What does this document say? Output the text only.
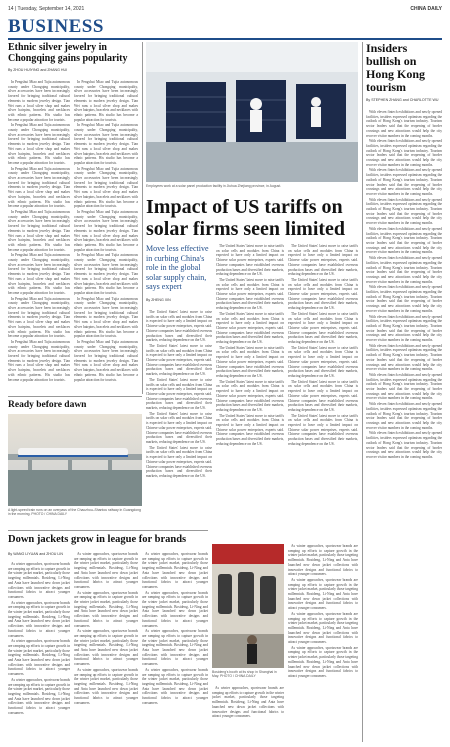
14 | Tuesday, September 14, 2021	CHINA DAILY
BUSINESS
Ethnic silver jewelry in Chongqing gains popularity
By ZHOU HUIYING and ZHANG HUI

In Pengshui Miao and Tujia autonomous county under Chongqing municipality, silver accessories have been increasingly favored for bringing traditional cultural elements to modern jewelry design. Tian Wei runs a local silver shop and makes silver hairpins, bracelets and necklaces with ethnic patterns. His studio has become a popular attraction for tourists.

In Pengshui Miao and Tujia autonomous county under Chongqing municipality, silver accessories have been increasingly favored for bringing traditional cultural elements to modern jewelry design. Tian Wei runs a local silver shop and makes silver hairpins, bracelets and necklaces with ethnic patterns. His studio has become a popular attraction for tourists.

In Pengshui Miao and Tujia autonomous county under Chongqing municipality, silver accessories have been increasingly favored for bringing traditional cultural elements to modern jewelry design. Tian Wei runs a local silver shop and makes silver hairpins, bracelets and necklaces with ethnic patterns. His studio has become a popular attraction for tourists.

In Pengshui Miao and Tujia autonomous county under Chongqing municipality, silver accessories have been increasingly favored for bringing traditional cultural elements to modern jewelry design. Tian Wei runs a local silver shop and makes silver hairpins, bracelets and necklaces with ethnic patterns. His studio has become a popular attraction for tourists.

In Pengshui Miao and Tujia autonomous county under Chongqing municipality, silver accessories have been increasingly favored for bringing traditional cultural elements to modern jewelry design. Tian Wei runs a local silver shop and makes silver hairpins, bracelets and necklaces with ethnic patterns. His studio has become a popular attraction for tourists.

In Pengshui Miao and Tujia autonomous county under Chongqing municipality, silver accessories have been increasingly favored for bringing traditional cultural elements to modern jewelry design. Tian Wei runs a local silver shop and makes silver hairpins, bracelets and necklaces with ethnic patterns. His studio has become a popular attraction for tourists.

In Pengshui Miao and Tujia autonomous county under Chongqing municipality, silver accessories have been increasingly favored for bringing traditional cultural elements to modern jewelry design. Tian Wei runs a local silver shop and makes silver hairpins, bracelets and necklaces with ethnic patterns. His studio has become a popular attraction for tourists.

In Pengshui Miao and Tujia autonomous county under Chongqing municipality, silver accessories have been increasingly favored for bringing traditional cultural elements to modern jewelry design. Tian Wei runs a local silver shop and makes silver hairpins, bracelets and necklaces with ethnic patterns. His studio has become a popular attraction for tourists.

In Pengshui Miao and Tujia autonomous county under Chongqing municipality, silver accessories have been increasingly favored for bringing traditional cultural elements to modern jewelry design. Tian Wei runs a local silver shop and makes silver hairpins, bracelets and necklaces with ethnic patterns. His studio has become a popular attraction for tourists.

In Pengshui Miao and Tujia autonomous county under Chongqing municipality, silver accessories have been increasingly favored for bringing traditional cultural elements to modern jewelry design. Tian Wei runs a local silver shop and makes silver hairpins, bracelets and necklaces with ethnic patterns. His studio has become a popular attraction for tourists.

In Pengshui Miao and Tujia autonomous county under Chongqing municipality, silver accessories have been increasingly favored for bringing traditional cultural elements to modern jewelry design. Tian Wei runs a local silver shop and makes silver hairpins, bracelets and necklaces with ethnic patterns. His studio has become a popular attraction for tourists.

In Pengshui Miao and Tujia autonomous county under Chongqing municipality, silver accessories have been increasingly favored for bringing traditional cultural elements to modern jewelry design. Tian Wei runs a local silver shop and makes silver hairpins, bracelets and necklaces with ethnic patterns. His studio has become a popular attraction for tourists.

In Pengshui Miao and Tujia autonomous county under Chongqing municipality, silver accessories have been increasingly favored for bringing traditional cultural elements to modern jewelry design. Tian Wei runs a local silver shop and makes silver hairpins, bracelets and necklaces with ethnic patterns. His studio has become a popular attraction for tourists.

In Pengshui Miao and Tujia autonomous county under Chongqing municipality, silver accessories have been increasingly favored for bringing traditional cultural elements to modern jewelry design. Tian Wei runs a local silver shop and makes silver hairpins, bracelets and necklaces with ethnic patterns. His studio has become a popular attraction for tourists.

Ready before dawn
A light-speed train runs on an overpass of the Chaozhou–Shantou railway in Guangdong in the morning. PHOTO / CHINA DAILY
Down jackets grow in league for brands
By WANG LIYUAN and ZHOU LIN

As winter approaches, sportswear brands are ramping up efforts to capture growth in the winter jacket market, particularly those targeting millennials. Bosideng, Li-Ning and Anta have launched new down jacket collections with innovative designs and functional fabrics to attract younger consumers.

As winter approaches, sportswear brands are ramping up efforts to capture growth in the winter jacket market, particularly those targeting millennials. Bosideng, Li-Ning and Anta have launched new down jacket collections with innovative designs and functional fabrics to attract younger consumers.

As winter approaches, sportswear brands are ramping up efforts to capture growth in the winter jacket market, particularly those targeting millennials. Bosideng, Li-Ning and Anta have launched new down jacket collections with innovative designs and functional fabrics to attract younger consumers.

As winter approaches, sportswear brands are ramping up efforts to capture growth in the winter jacket market, particularly those targeting millennials. Bosideng, Li-Ning and Anta have launched new down jacket collections with innovative designs and functional fabrics to attract younger consumers.

As winter approaches, sportswear brands are ramping up efforts to capture growth in the winter jacket market, particularly those targeting millennials. Bosideng, Li-Ning and Anta have launched new down jacket collections with innovative designs and functional fabrics to attract younger consumers.

As winter approaches, sportswear brands are ramping up efforts to capture growth in the winter jacket market, particularly those targeting millennials. Bosideng, Li-Ning and Anta have launched new down jacket collections with innovative designs and functional fabrics to attract younger consumers.

As winter approaches, sportswear brands are ramping up efforts to capture growth in the winter jacket market, particularly those targeting millennials. Bosideng, Li-Ning and Anta have launched new down jacket collections with innovative designs and functional fabrics to attract younger consumers.

As winter approaches, sportswear brands are ramping up efforts to capture growth in the winter jacket market, particularly those targeting millennials. Bosideng, Li-Ning and Anta have launched new down jacket collections with innovative designs and functional fabrics to attract younger consumers.

As winter approaches, sportswear brands are ramping up efforts to capture growth in the winter jacket market, particularly those targeting millennials. Bosideng, Li-Ning and Anta have launched new down jacket collections with innovative designs and functional fabrics to attract younger consumers.

As winter approaches, sportswear brands are ramping up efforts to capture growth in the winter jacket market, particularly those targeting millennials. Bosideng, Li-Ning and Anta have launched new down jacket collections with innovative designs and functional fabrics to attract younger consumers.

As winter approaches, sportswear brands are ramping up efforts to capture growth in the winter jacket market, particularly those targeting millennials. Bosideng, Li-Ning and Anta have launched new down jacket collections with innovative designs and functional fabrics to attract younger consumers.

As winter approaches, sportswear brands are ramping up efforts to capture growth in the winter jacket market, particularly those targeting millennials. Bosideng, Li-Ning and Anta have launched new down jacket collections with innovative designs and functional fabrics to attract younger consumers.

Employees work at a solar panel production facility in Jiuhua Zhejiang province, in August.
Impact of US tariffs on solar firms seen limited
Move less effective in curbing China's role in the global solar supply chain, says expert
By ZHENG XIN

The United States' latest move to raise tariffs on solar cells and modules from China is expected to have only a limited impact on Chinese solar power enterprises, experts said. Chinese companies have established overseas production bases and diversified their markets, reducing dependence on the US.

The United States' latest move to raise tariffs on solar cells and modules from China is expected to have only a limited impact on Chinese solar power enterprises, experts said. Chinese companies have established overseas production bases and diversified their markets, reducing dependence on the US.

The United States' latest move to raise tariffs on solar cells and modules from China is expected to have only a limited impact on Chinese solar power enterprises, experts said. Chinese companies have established overseas production bases and diversified their markets, reducing dependence on the US.

The United States' latest move to raise tariffs on solar cells and modules from China is expected to have only a limited impact on Chinese solar power enterprises, experts said. Chinese companies have established overseas production bases and diversified their markets, reducing dependence on the US.

The United States' latest move to raise tariffs on solar cells and modules from China is expected to have only a limited impact on Chinese solar power enterprises, experts said. Chinese companies have established overseas production bases and diversified their markets, reducing dependence on the US.

The United States' latest move to raise tariffs on solar cells and modules from China is expected to have only a limited impact on Chinese solar power enterprises, experts said. Chinese companies have established overseas production bases and diversified their markets, reducing dependence on the US.

The United States' latest move to raise tariffs on solar cells and modules from China is expected to have only a limited impact on Chinese solar power enterprises, experts said. Chinese companies have established overseas production bases and diversified their markets, reducing dependence on the US.

The United States' latest move to raise tariffs on solar cells and modules from China is expected to have only a limited impact on Chinese solar power enterprises, experts said. Chinese companies have established overseas production bases and diversified their markets, reducing dependence on the US.

The United States' latest move to raise tariffs on solar cells and modules from China is expected to have only a limited impact on Chinese solar power enterprises, experts said. Chinese companies have established overseas production bases and diversified their markets, reducing dependence on the US.

The United States' latest move to raise tariffs on solar cells and modules from China is expected to have only a limited impact on Chinese solar power enterprises, experts said. Chinese companies have established overseas production bases and diversified their markets, reducing dependence on the US.

The United States' latest move to raise tariffs on solar cells and modules from China is expected to have only a limited impact on Chinese solar power enterprises, experts said. Chinese companies have established overseas production bases and diversified their markets, reducing dependence on the US.

The United States' latest move to raise tariffs on solar cells and modules from China is expected to have only a limited impact on Chinese solar power enterprises, experts said. Chinese companies have established overseas production bases and diversified their markets, reducing dependence on the US.

The United States' latest move to raise tariffs on solar cells and modules from China is expected to have only a limited impact on Chinese solar power enterprises, experts said. Chinese companies have established overseas production bases and diversified their markets, reducing dependence on the US.

The United States' latest move to raise tariffs on solar cells and modules from China is expected to have only a limited impact on Chinese solar power enterprises, experts said. Chinese companies have established overseas production bases and diversified their markets, reducing dependence on the US.

The United States' latest move to raise tariffs on solar cells and modules from China is expected to have only a limited impact on Chinese solar power enterprises, experts said. Chinese companies have established overseas production bases and diversified their markets, reducing dependence on the US.

The United States' latest move to raise tariffs on solar cells and modules from China is expected to have only a limited impact on Chinese solar power enterprises, experts said. Chinese companies have established overseas production bases and diversified their markets, reducing dependence on the US.

The United States' latest move to raise tariffs on solar cells and modules from China is expected to have only a limited impact on Chinese solar power enterprises, experts said. Chinese companies have established overseas production bases and diversified their markets, reducing dependence on the US.

Bosideng's booth at its shop in Shanghai in May. PHOTO / CHINA DAILY

As winter approaches, sportswear brands are ramping up efforts to capture growth in the winter jacket market, particularly those targeting millennials. Bosideng, Li-Ning and Anta have launched new down jacket collections with innovative designs and functional fabrics to attract younger consumers.

As winter approaches, sportswear brands are ramping up efforts to capture growth in the winter jacket market, particularly those targeting millennials. Bosideng, Li-Ning and Anta have launched new down jacket collections with innovative designs and functional fabrics to attract younger consumers.

As winter approaches, sportswear brands are ramping up efforts to capture growth in the winter jacket market, particularly those targeting millennials. Bosideng, Li-Ning and Anta have launched new down jacket collections with innovative designs and functional fabrics to attract younger consumers.

As winter approaches, sportswear brands are ramping up efforts to capture growth in the winter jacket market, particularly those targeting millennials. Bosideng, Li-Ning and Anta have launched new down jacket collections with innovative designs and functional fabrics to attract younger consumers.

As winter approaches, sportswear brands are ramping up efforts to capture growth in the winter jacket market, particularly those targeting millennials. Bosideng, Li-Ning and Anta have launched new down jacket collections with innovative designs and functional fabrics to attract younger consumers.

Insiders bullish on Hong Kong tourism
By STEPHEN ZHANG and CHARLOTTE WU

With eleven fintech exhibitions and newly opened facilities, insiders expressed optimism regarding the outlook of Hong Kong's tourism industry. Tourism sector leaders said that the reopening of border crossings and new attractions would help the city recover visitor numbers in the coming months.

With eleven fintech exhibitions and newly opened facilities, insiders expressed optimism regarding the outlook of Hong Kong's tourism industry. Tourism sector leaders said that the reopening of border crossings and new attractions would help the city recover visitor numbers in the coming months.

With eleven fintech exhibitions and newly opened facilities, insiders expressed optimism regarding the outlook of Hong Kong's tourism industry. Tourism sector leaders said that the reopening of border crossings and new attractions would help the city recover visitor numbers in the coming months.

With eleven fintech exhibitions and newly opened facilities, insiders expressed optimism regarding the outlook of Hong Kong's tourism industry. Tourism sector leaders said that the reopening of border crossings and new attractions would help the city recover visitor numbers in the coming months.

With eleven fintech exhibitions and newly opened facilities, insiders expressed optimism regarding the outlook of Hong Kong's tourism industry. Tourism sector leaders said that the reopening of border crossings and new attractions would help the city recover visitor numbers in the coming months.

With eleven fintech exhibitions and newly opened facilities, insiders expressed optimism regarding the outlook of Hong Kong's tourism industry. Tourism sector leaders said that the reopening of border crossings and new attractions would help the city recover visitor numbers in the coming months.

With eleven fintech exhibitions and newly opened facilities, insiders expressed optimism regarding the outlook of Hong Kong's tourism industry. Tourism sector leaders said that the reopening of border crossings and new attractions would help the city recover visitor numbers in the coming months.

With eleven fintech exhibitions and newly opened facilities, insiders expressed optimism regarding the outlook of Hong Kong's tourism industry. Tourism sector leaders said that the reopening of border crossings and new attractions would help the city recover visitor numbers in the coming months.

With eleven fintech exhibitions and newly opened facilities, insiders expressed optimism regarding the outlook of Hong Kong's tourism industry. Tourism sector leaders said that the reopening of border crossings and new attractions would help the city recover visitor numbers in the coming months.

With eleven fintech exhibitions and newly opened facilities, insiders expressed optimism regarding the outlook of Hong Kong's tourism industry. Tourism sector leaders said that the reopening of border crossings and new attractions would help the city recover visitor numbers in the coming months.

With eleven fintech exhibitions and newly opened facilities, insiders expressed optimism regarding the outlook of Hong Kong's tourism industry. Tourism sector leaders said that the reopening of border crossings and new attractions would help the city recover visitor numbers in the coming months.

With eleven fintech exhibitions and newly opened facilities, insiders expressed optimism regarding the outlook of Hong Kong's tourism industry. Tourism sector leaders said that the reopening of border crossings and new attractions would help the city recover visitor numbers in the coming months.
